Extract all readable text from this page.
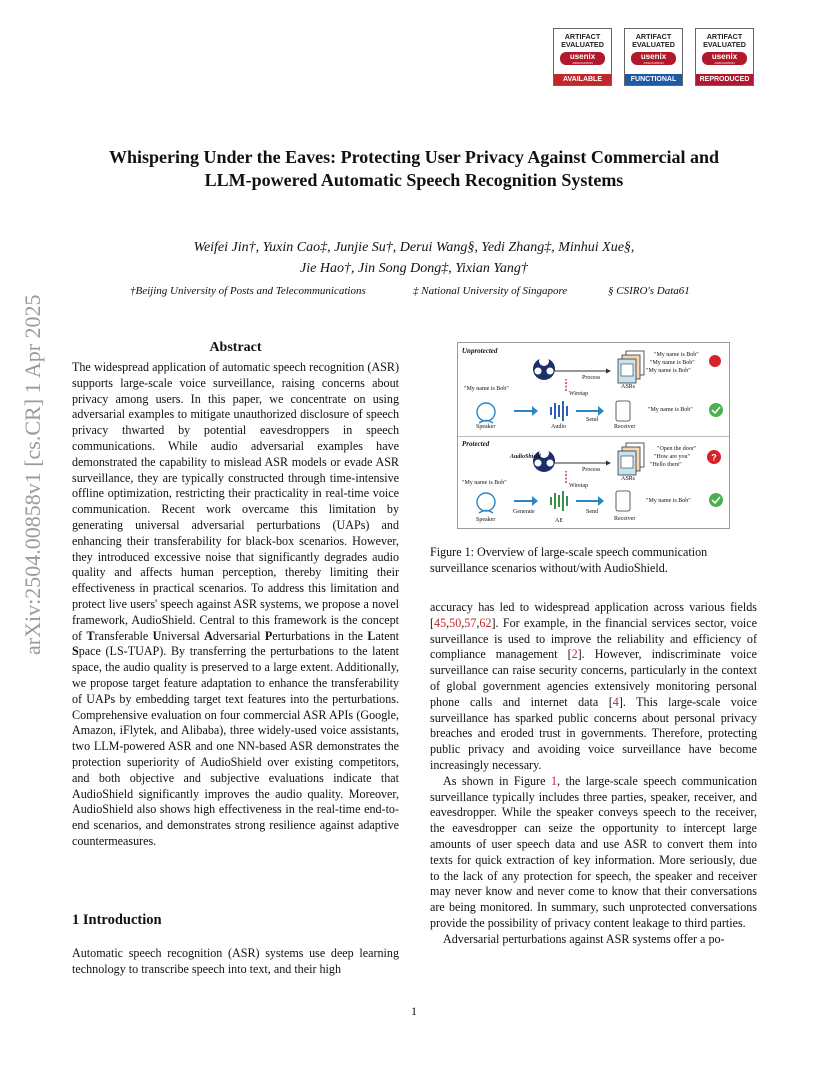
ARTIFACT EVALUATED
usenix
ASSOCIATION
AVAILABLE
ARTIFACT EVALUATED
usenix
ASSOCIATION
FUNCTIONAL
ARTIFACT EVALUATED
usenix
ASSOCIATION
REPRODUCED
arXiv:2504.00858v1 [cs.CR] 1 Apr 2025
Whispering Under the Eaves: Protecting User Privacy Against Commercial and
LLM-powered Automatic Speech Recognition Systems
Weifei Jin†, Yuxin Cao‡, Junjie Su†, Derui Wang§, Yedi Zhang‡, Minhui Xue§,
Jie Hao†, Jin Song Dong‡, Yixian Yang†
†Beijing University of Posts and Telecommunications	‡ National University of Singapore	§ CSIRO's Data61
Abstract

The widespread application of automatic speech recognition (ASR) supports large-scale voice surveillance, raising concerns about privacy among users. In this paper, we concentrate on using adversarial examples to mitigate unauthorized disclosure of speech privacy thwarted by potential eavesdroppers in speech communications. While audio adversarial examples have demonstrated the capability to mislead ASR models or evade ASR surveillance, they are typically constructed through time-intensive offline optimization, restricting their practicality in real-time voice communication. Recent work overcame this limitation by generating universal adversarial perturbations (UAPs) and enhancing their transferability for black-box scenarios. However, they introduced excessive noise that significantly degrades audio quality and affects human perception, thereby limiting their effectiveness in practical scenarios. To address this limitation and protect live users' speech against ASR systems, we propose a novel framework, AudioShield. Central to this framework is the concept of Transferable Universal Adversarial Perturbations in the Latent Space (LS-TUAP). By transferring the perturbations to the latent space, the audio quality is preserved to a large extent. Additionally, we propose target feature adaptation to enhance the transferability of UAPs by embedding target text features into the perturbations. Comprehensive evaluation on four commercial ASR APIs (Google, Amazon, iFlytek, and Alibaba), three widely-used voice assistants, two LLM-powered ASR and one NN-based ASR demonstrates the protection superiority of AudioShield over existing competitors, and both objective and subjective evaluations indicate that AudioShield significantly improves the audio quality. Moreover, AudioShield also shows high effectiveness in the real-time end-to-end scenarios, and demonstrates strong resilience against adaptive countermeasures.

1 Introduction

Automatic speech recognition (ASR) systems use deep learning technology to transcribe speech into text, and their high

?
Unprotected
Protected
AudioShield
Process
ASRs
"My name is Bob"
"My name is Bob"
"My name is Bob"
"My name is Bob"
Wiretap
"My name is Bob"
Send
Speaker	Audio	Receiver
Process
ASRs
"Open the door"
"How are you"
"Hello there"
"My name is Bob"	Wiretap
"My name is Bob"
Generate	Send
Speaker	AE	Receiver
Figure 1: Overview of large-scale speech communication surveillance scenarios without/with AudioShield.

accuracy has led to widespread application across various fields [45,50,57,62]. For example, in the financial services sector, voice surveillance is used to improve the reliability and efficiency of compliance management [2]. However, indiscriminate voice surveillance can raise security concerns, particularly in the context of global government agencies extensively monitoring personal phone calls and internet data [4]. This large-scale voice surveillance has sparked public concerns about personal privacy breaches and eroded trust in governments. Therefore, protecting public privacy and avoiding voice surveillance have become increasingly necessary.

As shown in Figure 1, the large-scale speech communication surveillance typically includes three parties, speaker, receiver, and eavesdropper. While the speaker conveys speech to the receiver, the eavesdropper can seize the opportunity to intercept large amounts of user speech data and use ASR to convert them into texts for quick extraction of key information. More seriously, due to the lack of any protection for speech, the speaker and receiver may never know and never come to know that their conversations are being monitored. In summary, such unprotected conversations provide the possibility of privacy content leakage to third parties.

Adversarial perturbations against ASR systems offer a po-

1
